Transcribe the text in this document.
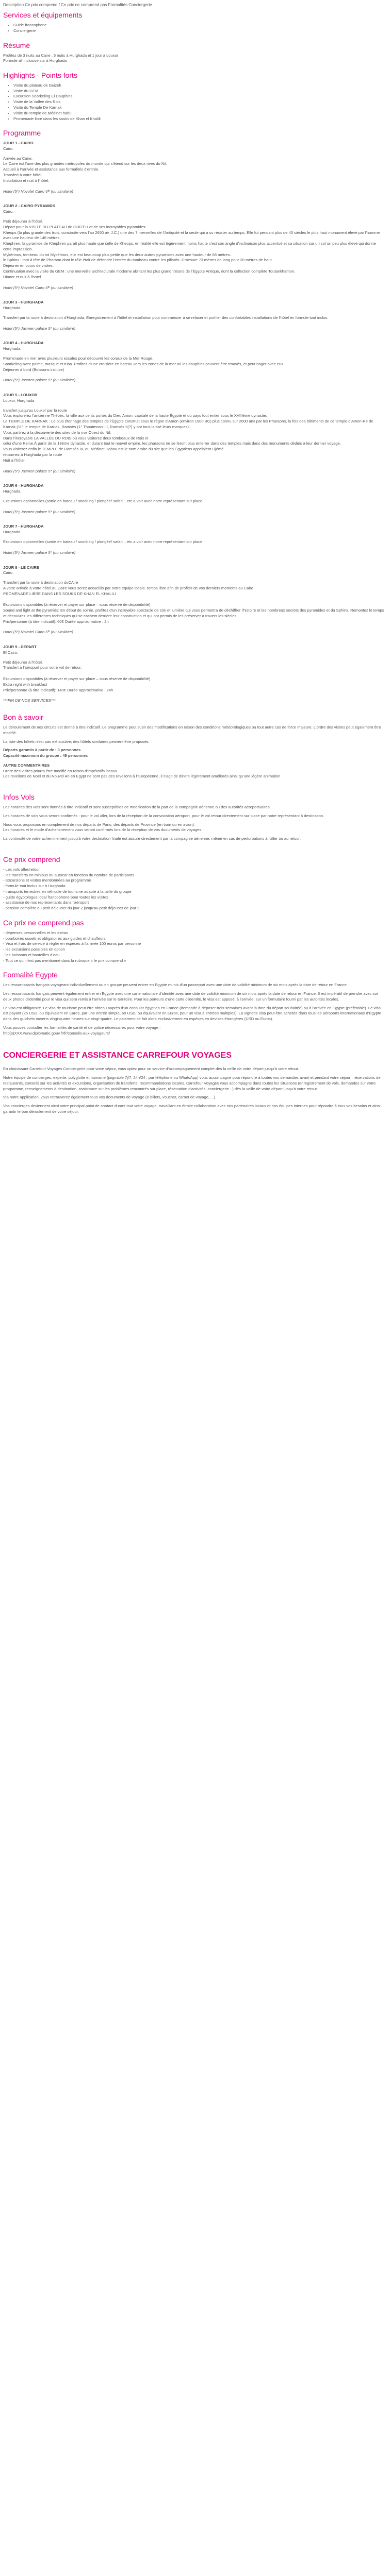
Description Ce prix comprend / Ce prix ne comprend pas Formalités Conciergerie
Services et équipements
• Guide francophone
• Conciergerie
Résumé

Profitez de 3 nuits au Caire , 5 nuits à Hurghada et 1 jour à Louxor
Formule all inclusive sur à Hurghada

Highlights - Points forts
• Visite du plateau de Guizeh
• Visite du GEM
• Excursion Snorkeling El Dauphins
• Visite de la Vallée des Rois
• Visite du Temple De Karnak
• Visite du temple de Médinet habu
• Promenade libre dans les souks de Khan el Khalili
Programme
JOUR 1 - CAIRO
Cairo.
Arrivée au Caire.
Le Caire est l'une des plus grandes métropoles du monde qui s'étend sur les deux rives du Nil.
Accueil à l'arrivée et assistance aux formalités d'entrée.
Transfert à votre hôtel.
Installation et nuit à l'hôtel.
Hotel (5*) Novotel Cairo 6ᵗʰ (ou similaire)
JOUR 2 - CAIRO PYRAMIDS
Cairo.
Petit déjeuner à l'hôtel.
Départ pour la VISITE DU PLATEAU de GUIZEH et de ses incroyables pyramides:
Kheops (la plus grande des trois, construite vers l'an 2650 av. J.C.) une des 7 merveilles de l'Antiquité et la seule qui a su résister au temps. Elle fut pendant plus de 40 siècles le plus haut monument élevé par l'homme avec une hauteur de 146 mètres.
Khephren: la pyramide de Khephren paraît plus haute que celle de Kheops, en réalité elle est légèrement moins haute c'est son angle d'inclinaison plus accentué et sa situation sur un sol un peu plus élevé qui donne cette impression.
Mykérinos, tombeau du roi Mykérinos, elle est beaucoup plus petite que les deux autres pyramides avec une hauteur de 66 mètres.
le Sphinx : tom à tête de Pharaon dont le rôle était de défendre l'entrée du tombeau contre les pillards. Il mesure 73 mètres de long pour 20 mètres de haut
Déjeuner en cours de visites.
Continuation avec la visite du GEM : une merveille architecturale moderne abritant les plus grand trésors de l'Égypte Antique, dont la collection complète Toutankhamon.
Dinner et nuit à l'hotel
Hotel (5*) Novotel Cairo 6ᵗʰ (ou similaire)
JOUR 3 - HURGHADA
Hurghada.
Transfert par la route à destination d'Hurghada. Enregistrement à l'hôtel et installation pour commencer à se relaxer et profiter des confortables installations de l'hôtel en formule tout inclus.
Hotel (5*) Jasmen palace 5* (ou similaire)
JOUR 4 - HURGHADA
Hurghada.
Promenade en mer avec plusieurs escales pour découvrir les coraux de la Mer Rouge.
Snorkeling avec palme, masque et tuba. Profitez d'une croisière en bateau vers les zones de la mer où les dauphins peuvent être trouvés, et peut nager avec eux.
Déjeuner à bord (Boissons incluse)
Hotel (5*) Jasmen palace 5* (ou similaire)
JOUR 5 - LOUXOR
Louxor, Hurghada
transfert jusqu'au Louxor par la route
Vous explorerez l'ancienne Thèbes, la ville aux cents portes du Dieu Amon, capitale de la haute Égypte et du pays tout entier sous le XVIIIème dynastie.
Le TEMPLE DE KARNAK : Le plus étonnage des temples de l'Égypte construit sous le règne d'Amon (environ 1900 BC) plus connu sur 2000 ans par les Pharaons, la fois des bâtiments de ce temple d'Amon-Ré de Karnak (11° le temple de Karnak, Ramsès (1° Thoutmosis III, Ramsès II(?) y ont tous laissé leurs marques).
Vous partirez à la découverte des sites de la rive Ouest du Nil.
Dans l'incroyable LA VALLÉE DU ROIS où vous visiterez deux tombeaux de Rois et
celui d'une Reine.À partir de la 18ème dynastie, et durant tout le nouvel empire, les pharaons ne se feront plus enterrer dans des temples mais dans des monuments dédiés à leur dernier voyage.
Vous visiterez enfin le TEMPLE de Ramsès III, ou Médinet Habou est le nom arabe du site que les Égyptiens appelaient Djémé.
retournez à Hurghada par la route
Nuit à l'hôtel.
Hotel (5*) Jasmen palace 5* (ou similaire)
JOUR 6 - HURGHADA
Hurghada.
Excursions optionnelles (sortie en bateau / snorkling / plongée/ safari .. etc a voir avec notre représentant sur place
Hotel (5*) Jasmen palace 5* (ou similaire)
JOUR 7 - HURGHADA
Hurghada.
Excursions optionnelles (sortie en bateau / snorkling / plongée/ safari .. etc a voir avec notre représentant sur place
Hotel (5*) Jasmen palace 5* (ou similaire)
JOUR 8 - LE CAIRE
Cairo.
Transfert par la route à destination duCAire
A votre arrivée à votre hôtel au Caire vous serez accueillis par notre équipe locale. temps libre afin de profiter de vos derniers moments au Caire
PROMENADE LIBRE DANS LES SOUKS DE KHAN EL KHALILI

Excursions disponibles (à réserver et payer sur place – sous réserve de disponibilité)
Sound and light at the pyramids: En début de soirée, profitez d'un incroyable spectacle de son et lumière qui vous permettra de déchiffrer l'histoire et les nombreux secrets des pyramides et du Sphinx. Remontez le temps et découvrez les différentes techniques qui se cachent derrière leur construction et qui ont permis de les préserver à travers les siècles.
Prix/personne (à titre indicatif): 60€ Durée approximative : 2h
Hotel (5*) Novotel Cairo 6ᵗʰ (ou similaire)
JOUR 9 - DEPART
El Cairo.
Petit déjeuner à l'hôtel.
Transfert à l'aéroport pour votre vol de retour.

Excursions disponibles (à réserver et payer sur place – sous réserve de disponibilité)
Extra night with breakfast
Prix/personne (à titre indicatif): 140€ Durée approximative : 24h
***FIN DE NOS SERVICES***
Bon à savoir

Le déroulement de nos circuits est donné à titre indicatif. Le programme peut subir des modifications en raison des conditions météorologiques ou tout autre cas de force majeure. L'ordre des visites peut également être modifié.

La liste des hôtels n'est pas exhaustive; des hôtels similaires peuvent être proposés.

Départs garantis à partir de : 3 personnes
Capacité maximum du groupe : 49 personnes
AUTRE COMMENTAIRES
Ordre des visites pourra être modifié en raison d'impératifs locaux.
Les revellons de Noel et du Nouvel An en Egypt ne sont pas des revellons à l'européenne, il s'agit de diners légèrement améliorés ainsi qu'une légère animation
Infos Vols

Les horaires des vols sont donnés à titre indicatif et sont susceptibles de modification de la part de la compagnie aérienne ou des autorités aéroportuaires.

Les horaires de vols vous seront confirmés : pour le vol aller, lors de la réception de la convocation aéroport, pour le vol retour directement sur place par notre représentant à destination.

Nous vous proposons en complément de nos départs de Paris, des départs de Province (en train ou en avion).
Les horaires et le mode d'acheminement vous seront confirmés lors de la réception de vos documents de voyages.

La continuité de votre acheminement jusqu'à votre destination finale est assuré directement par la compagnie aérienne, même en cas de perturbations à l'aller ou au retour.

Ce prix comprend
- Les vols aller/retour
- les transferts en minibus ou autocar en fonction du nombre de participants
- Excursions et visites mentionnées au programme
- formule tout inclus sur à Hurghada
- transports terrestres en véhicule de tourisme adapté à la taille du groupe
- guide égyptologue local francophone pour toutes les visites
- assistance de nos représentants dans l'aéroport
- pension complète du petit déjeuner du jour 2 jusqu'au petit déjeuner de jour 9
Ce prix ne comprend pas
- dépenses personnelles et les extras
- pourboires usuels et obligatoires aux guides et chauffeurs
- Visa et frais de service à régler en espèces à l'arrivée 100 euros par personne
- les excursions possibles en option
- les boissons et bouteilles d'eau
- Tout ce qui n'est pas mentionné dans la rubrique « le prix comprend »
Formalité Egypte

Les ressortissants français voyageant individuellement ou en groupe peuvent entrer en Egypte munis d'un passeport avec une date de validité minimum de six mois après la date de retour en France.

Les ressortissants français peuvent également entrer en Egypte avec une carte nationale d'identité avec une date de validité minimum de six mois après la date de retour en France. Il est impératif de prendre avec soi deux photos d'identité pour le visa qui sera remis à l'arrivée sur le territoire. Pour les porteurs d'une carte d'identité, le visa est apposé, à l'arrivée, sur un formulaire fourni par les autorités locales.

Le visa est obligatoire. Le visa de tourisme peut être obtenu auprès d'un consulat égyptien en France (demande à déposer trois semaines avant la date du départ souhaitée) ou à l'arrivée en Egypte (préférable). Le visa est payant (25 USD, ou équivalent en Euros, par une entrée simple, 60 USD, ou équivalent en Euros, pour un visa à entrées multiples). La vignette visa peut être achetée dans tous les aéroports internationaux d'Égypte dans des guichets ouverts vingt-quatre heures sur vingt-quatre. Le paiement se fait alors exclusivement en espèces en devises étrangères (USD ou Euros).

Vous pouvez consulter les formalités de santé et de police nécessaires pour votre voyage :
http(s)XXX.www.diplomatie.gouv.fr/fr/conseils-aux-voyageurs/

CONCIERGERIE ET ASSISTANCE CARREFOUR VOYAGES

En choisissant Carrefour Voyages Conciergerie pour votre séjour, vous optez pour un service d'accompagnement complet dès la veille de votre départ jusqu'à votre retour.

Notre équipe de concierges, experte, polyglotte et humaine (joignable 7j/7, 24h/24 , par téléphone ou WhatsApp) vous accompagne pour répondre à toutes vos demandes avant et pendant votre séjour : réservations de restaurants, conseils sur les activités et excursions, organisation de transferts, recommandations locales. Carrefour Voyages vous accompagne dans toutes les situations (enregistrement de vols, demandes sur votre programme, renseignements à destination, assistance sur les problèmes rencontrés sur place, réservation d'activités, conciergerie...) dès la veille de votre départ jusqu'à votre retour.

Via notre application, vous retrouverez également tous vos documents de voyage (e-billets, voucher, carnet de voyage, ...).

Vos concierges deviennent ainsi votre principal point de contact durant tout votre voyage, travaillant en étroite collaboration avec nos partenaires locaux et nos équipes internes pour répondre à tous vos besoins et ainsi, garantir le bon déroulement de votre séjour.
